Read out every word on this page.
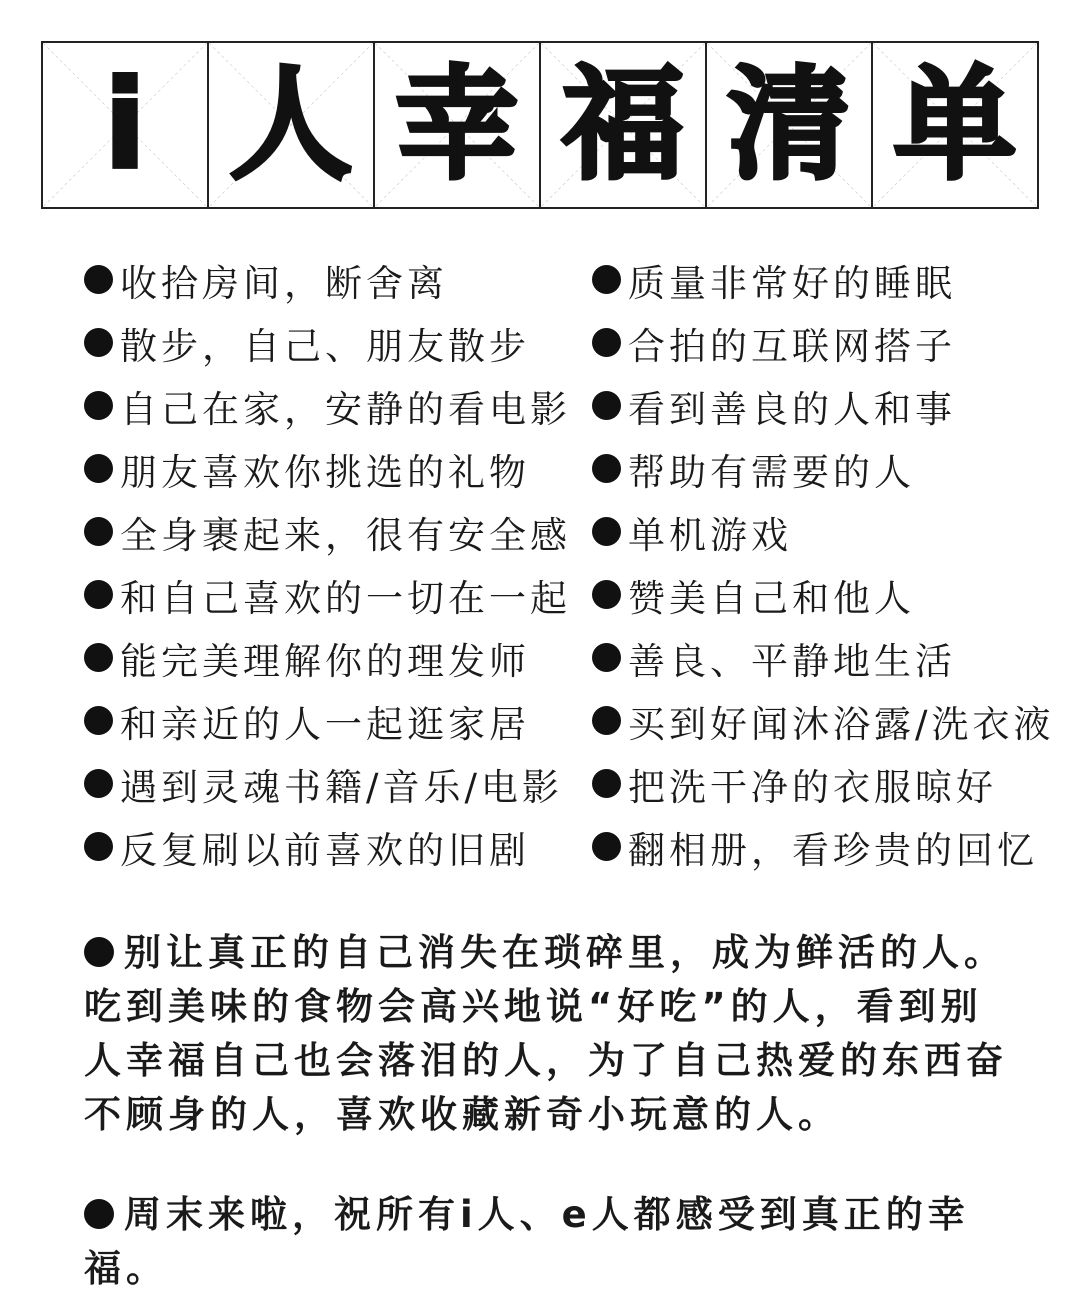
i 人 幸 福 清 单
收拾房间，断舍离
散步，自己、朋友散步
自己在家，安静的看电影
朋友喜欢你挑选的礼物
全身裹起来，很有安全感
和自己喜欢的一切在一起
能完美理解你的理发师
和亲近的人一起逛家居
遇到灵魂书籍/音乐/电影
反复刷以前喜欢的旧剧
质量非常好的睡眠
合拍的互联网搭子
看到善良的人和事
帮助有需要的人
单机游戏
赞美自己和他人
善良、平静地生活
买到好闻沐浴露/洗衣液
把洗干净的衣服晾好
翻相册，看珍贵的回忆

别让真正的自己消失在琐碎里，成为鲜活的人。吃到美味的食物会高兴地说“好吃”的人，看到别人幸福自己也会落泪的人，为了自己热爱的东西奋不顾身的人，喜欢收藏新奇小玩意的人。

周末来啦，祝所有i人、e人都感受到真正的幸福。
